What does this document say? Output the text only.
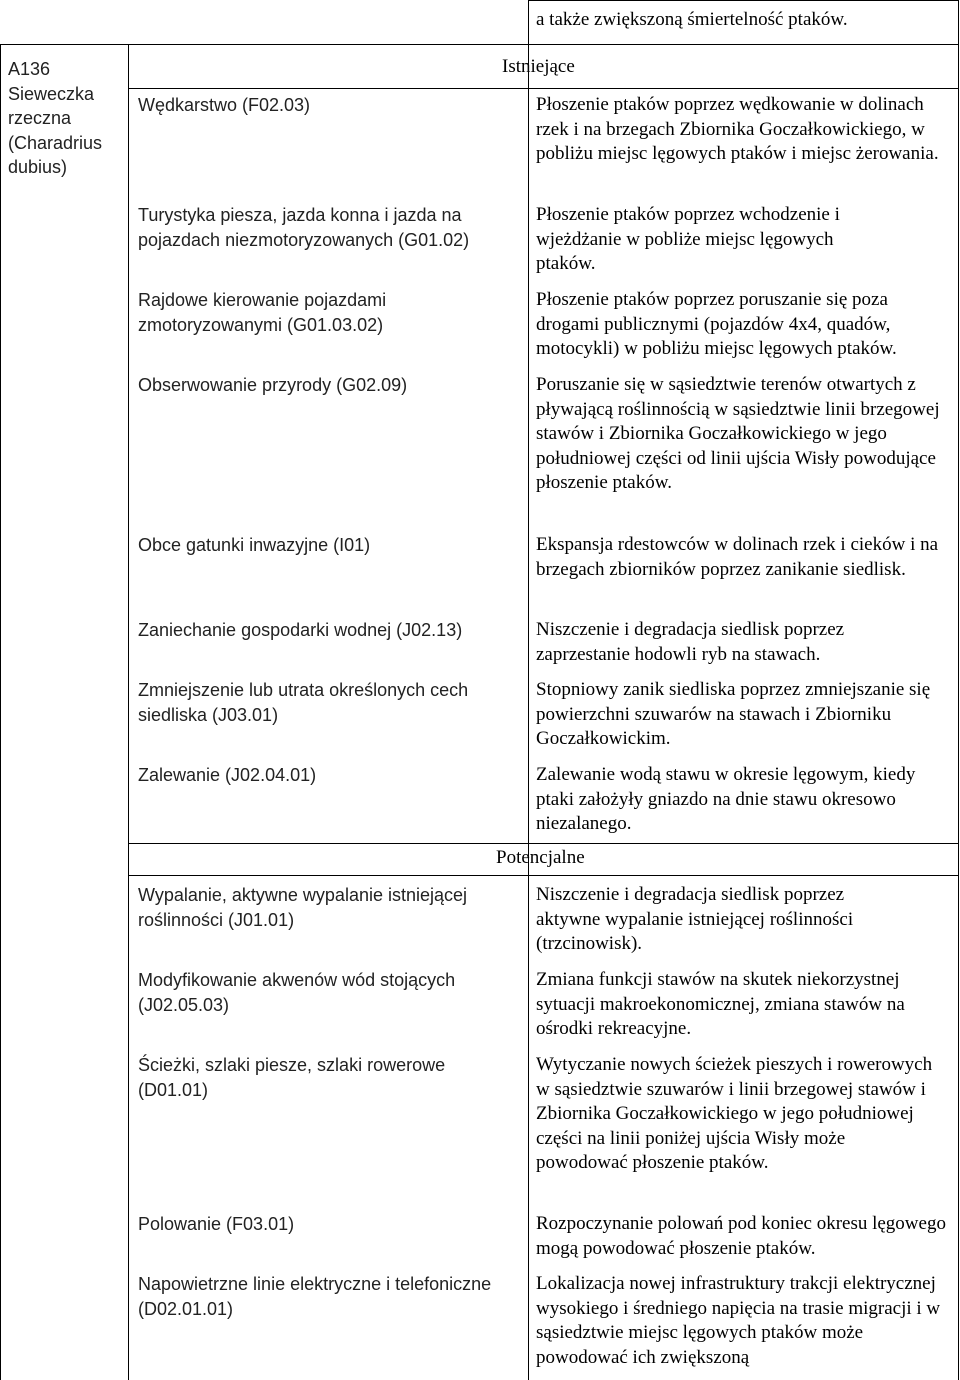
a także zwiększoną śmiertelność ptaków.
A136 Sieweczka rzeczna (Charadrius dubius)
Istniejące
Potencjalne
Wędkarstwo (F02.03)
Turystyka piesza, jazda konna i jazda na pojazdach niezmotoryzowanych (G01.02)
Rajdowe kierowanie pojazdami zmotoryzowanymi (G01.03.02)
Obserwowanie przyrody (G02.09)
Obce gatunki inwazyjne (I01)
Zaniechanie gospodarki wodnej (J02.13)
Zmniejszenie lub utrata określonych cech siedliska (J03.01)
Zalewanie (J02.04.01)
Wypalanie, aktywne wypalanie istniejącej roślinności (J01.01)
Modyfikowanie akwenów wód stojących (J02.05.03)
Ścieżki, szlaki piesze, szlaki rowerowe (D01.01)
Polowanie (F03.01)
Napowietrzne linie elektryczne i telefoniczne (D02.01.01)
Płoszenie ptaków poprzez wędkowanie w dolinach rzek i na brzegach Zbiornika Goczałkowickiego, w pobliżu miejsc lęgowych ptaków i miejsc żerowania.
Płoszenie ptaków poprzez wchodzenie i wjeżdżanie w pobliże miejsc lęgowych ptaków.
Płoszenie ptaków poprzez poruszanie się poza drogami publicznymi (pojazdów 4x4, quadów, motocykli) w pobliżu miejsc lęgowych ptaków.
Poruszanie się w sąsiedztwie terenów otwartych z pływającą roślinnością w sąsiedztwie linii brzegowej stawów i Zbiornika Goczałkowickiego w jego południowej części od linii ujścia Wisły powodujące płoszenie ptaków.
Ekspansja rdestowców w dolinach rzek i cieków i na brzegach zbiorników poprzez zanikanie siedlisk.
Niszczenie i degradacja siedlisk poprzez zaprzestanie hodowli ryb na stawach.
Stopniowy zanik siedliska poprzez zmniejszanie się powierzchni szuwarów na stawach i Zbiorniku Goczałkowickim.
Zalewanie wodą stawu w okresie lęgowym, kiedy ptaki założyły gniazdo na dnie stawu okresowo niezalanego.
Niszczenie i degradacja siedlisk poprzez aktywne wypalanie istniejącej roślinności (trzcinowisk).
Zmiana funkcji stawów na skutek niekorzystnej sytuacji makroekonomicznej, zmiana stawów na ośrodki rekreacyjne.
Wytyczanie nowych ścieżek pieszych i rowerowych w sąsiedztwie szuwarów i linii brzegowej stawów i Zbiornika Goczałkowickiego w jego południowej części na linii poniżej ujścia Wisły może powodować płoszenie ptaków.
Rozpoczynanie polowań pod koniec okresu lęgowego mogą powodować płoszenie ptaków.
Lokalizacja nowej infrastruktury trakcji elektrycznej wysokiego i średniego napięcia na trasie migracji i w sąsiedztwie miejsc lęgowych ptaków może powodować ich zwiększoną
